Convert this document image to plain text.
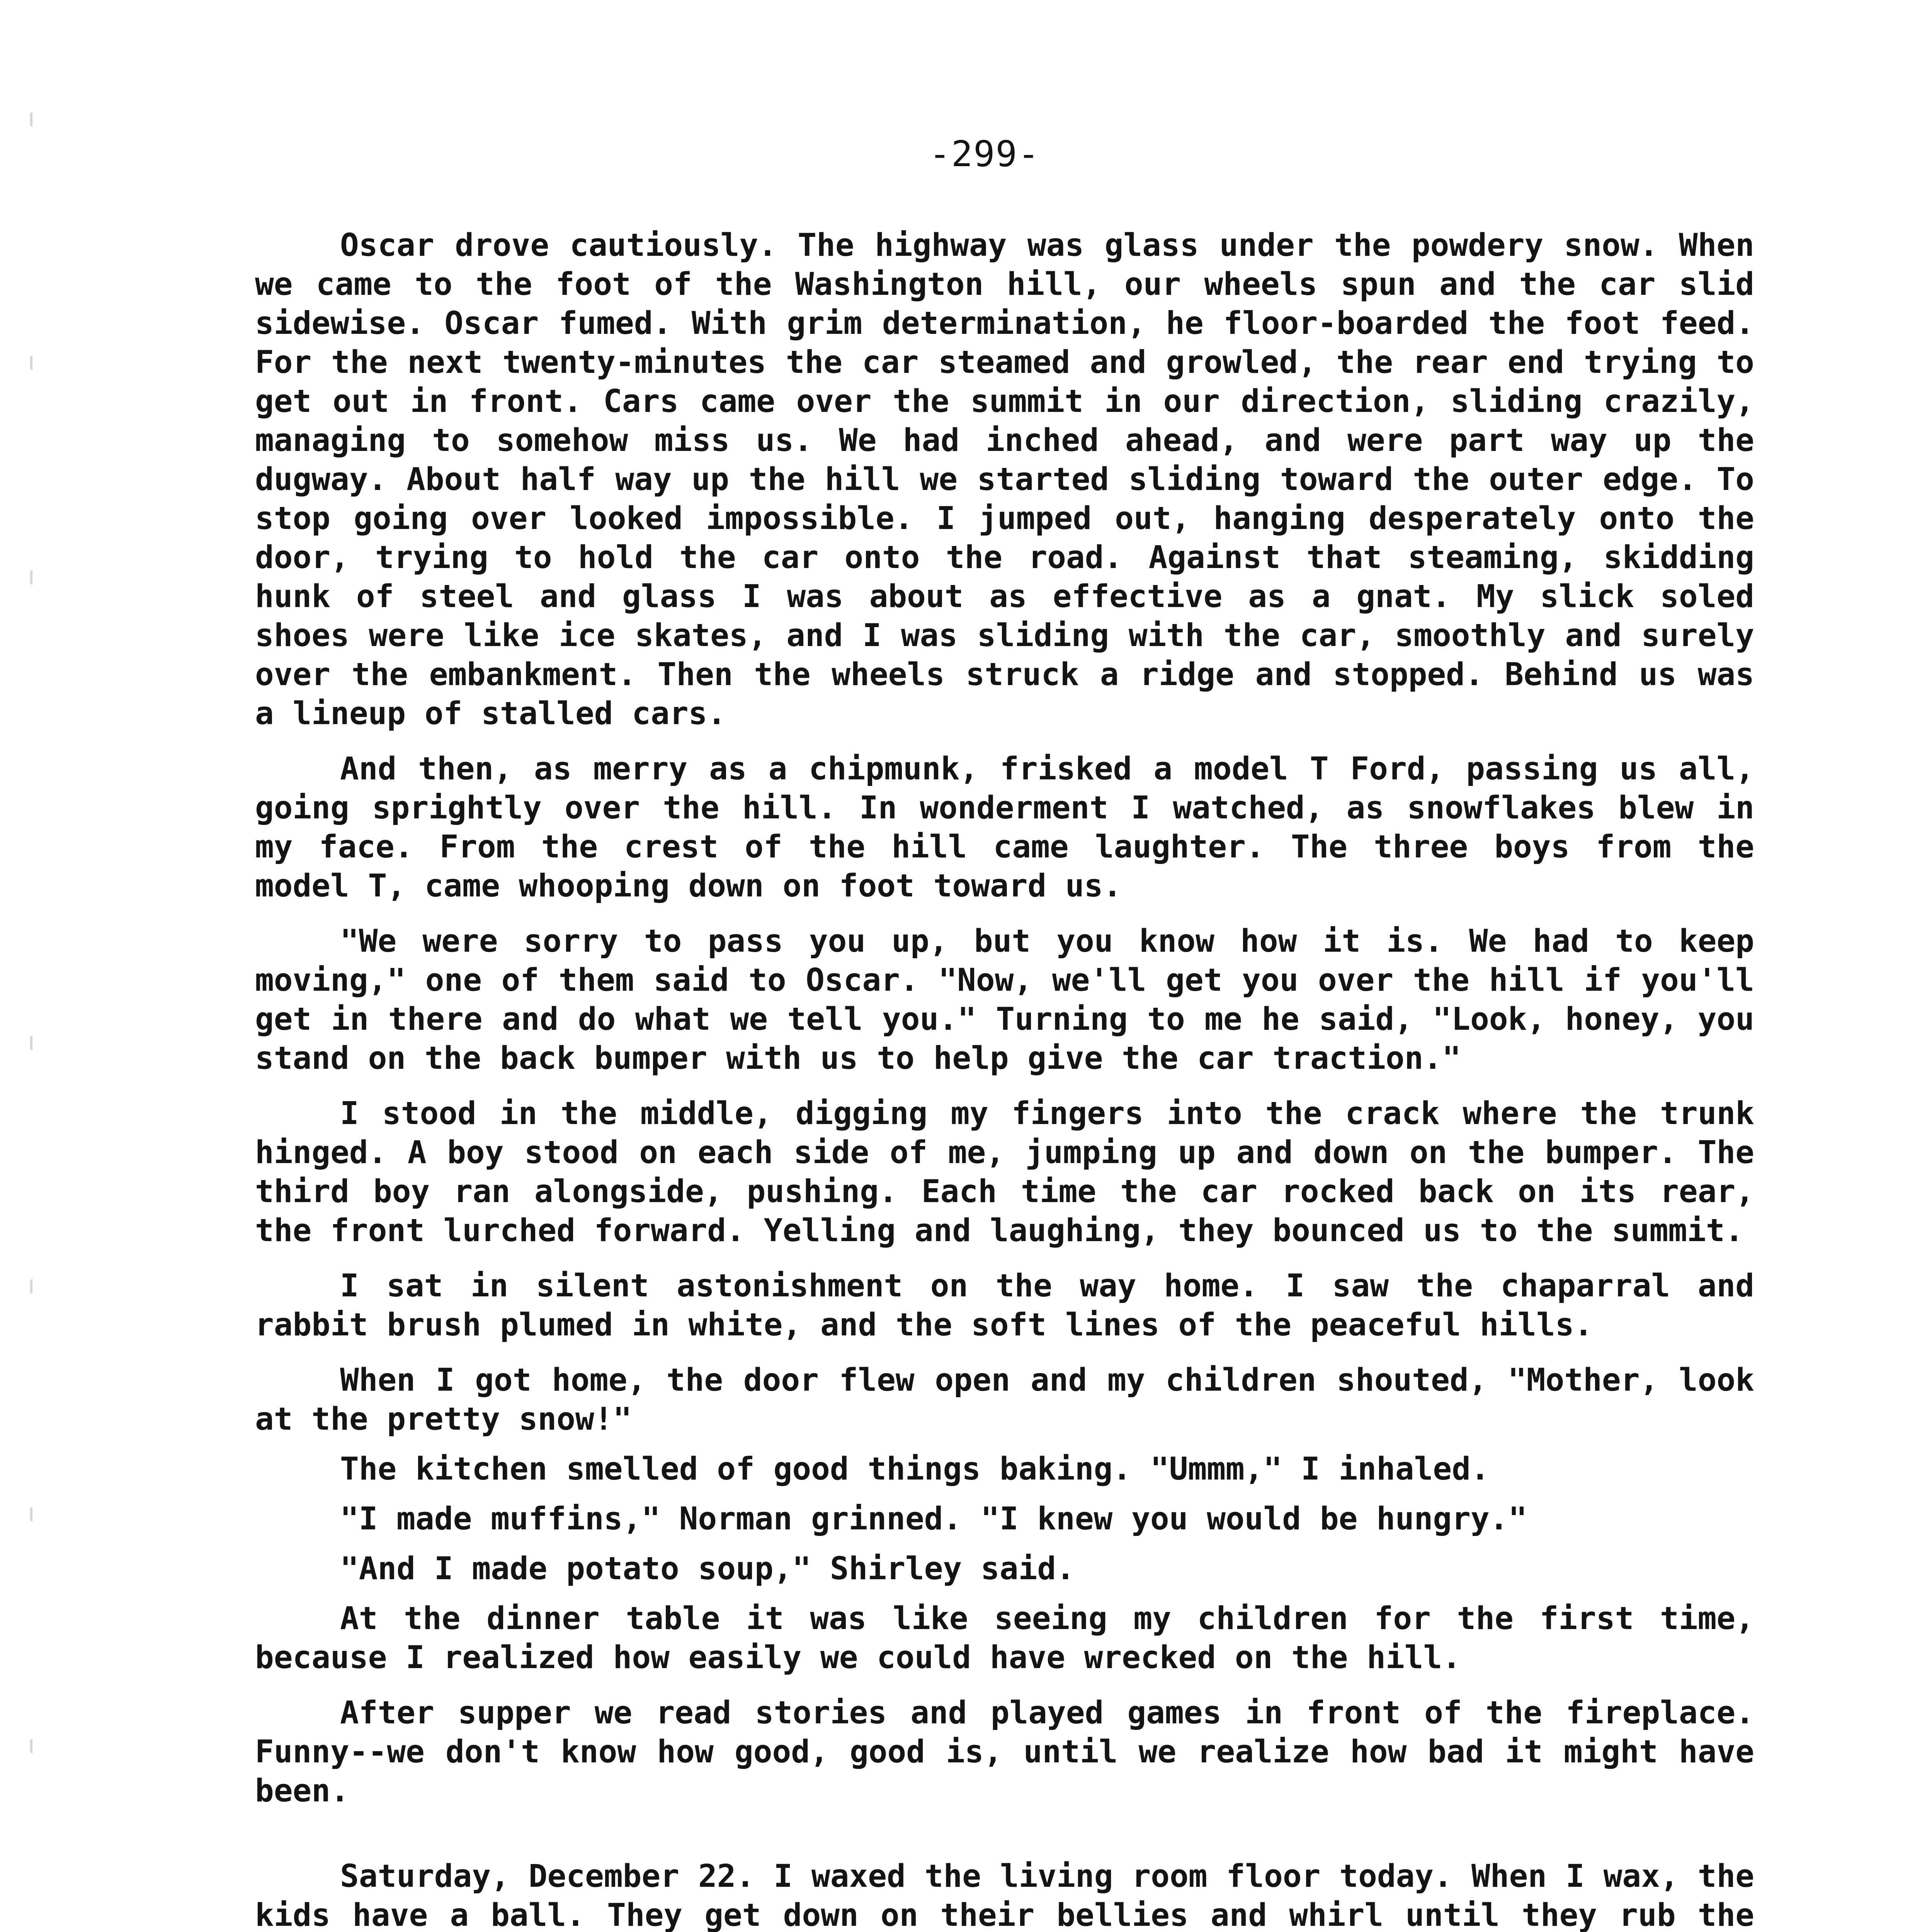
-299-

Oscar drove cautiously. The highway was glass under the powdery snow. When we came to the foot of the Washington hill, our wheels spun and the car slid sidewise. Oscar fumed. With grim determination, he floor-boarded the foot feed. For the next twenty-minutes the car steamed and growled, the rear end trying to get out in front. Cars came over the summit in our direction, sliding crazily, managing to somehow miss us. We had inched ahead, and were part way up the dugway. About half way up the hill we started sliding toward the outer edge. To stop going over looked impossible. I jumped out, hanging desperately onto the door, trying to hold the car onto the road. Against that steaming, skidding hunk of steel and glass I was about as effective as a gnat. My slick soled shoes were like ice skates, and I was sliding with the car, smoothly and surely over the embankment. Then the wheels struck a ridge and stopped. Behind us was a lineup of stalled cars.

And then, as merry as a chipmunk, frisked a model T Ford, passing us all, going sprightly over the hill. In wonderment I watched, as snowflakes blew in my face. From the crest of the hill came laughter. The three boys from the model T, came whooping down on foot toward us.

"We were sorry to pass you up, but you know how it is. We had to keep moving," one of them said to Oscar. "Now, we'll get you over the hill if you'll get in there and do what we tell you." Turning to me he said, "Look, honey, you stand on the back bumper with us to help give the car traction."

I stood in the middle, digging my fingers into the crack where the trunk hinged. A boy stood on each side of me, jumping up and down on the bumper. The third boy ran alongside, pushing. Each time the car rocked back on its rear, the front lurched forward. Yelling and laughing, they bounced us to the summit.

I sat in silent astonishment on the way home. I saw the chaparral and rabbit brush plumed in white, and the soft lines of the peaceful hills.

When I got home, the door flew open and my children shouted, "Mother, look at the pretty snow!"

The kitchen smelled of good things baking. "Ummm," I inhaled.

"I made muffins," Norman grinned. "I knew you would be hungry."

"And I made potato soup," Shirley said.

At the dinner table it was like seeing my children for the first time, because I realized how easily we could have wrecked on the hill.

After supper we read stories and played games in front of the fireplace. Funny--we don't know how good, good is, until we realize how bad it might have been.

Saturday, December 22. I waxed the living room floor today. When I wax, the kids have a ball. They get down on their bellies and whirl until they rub the
